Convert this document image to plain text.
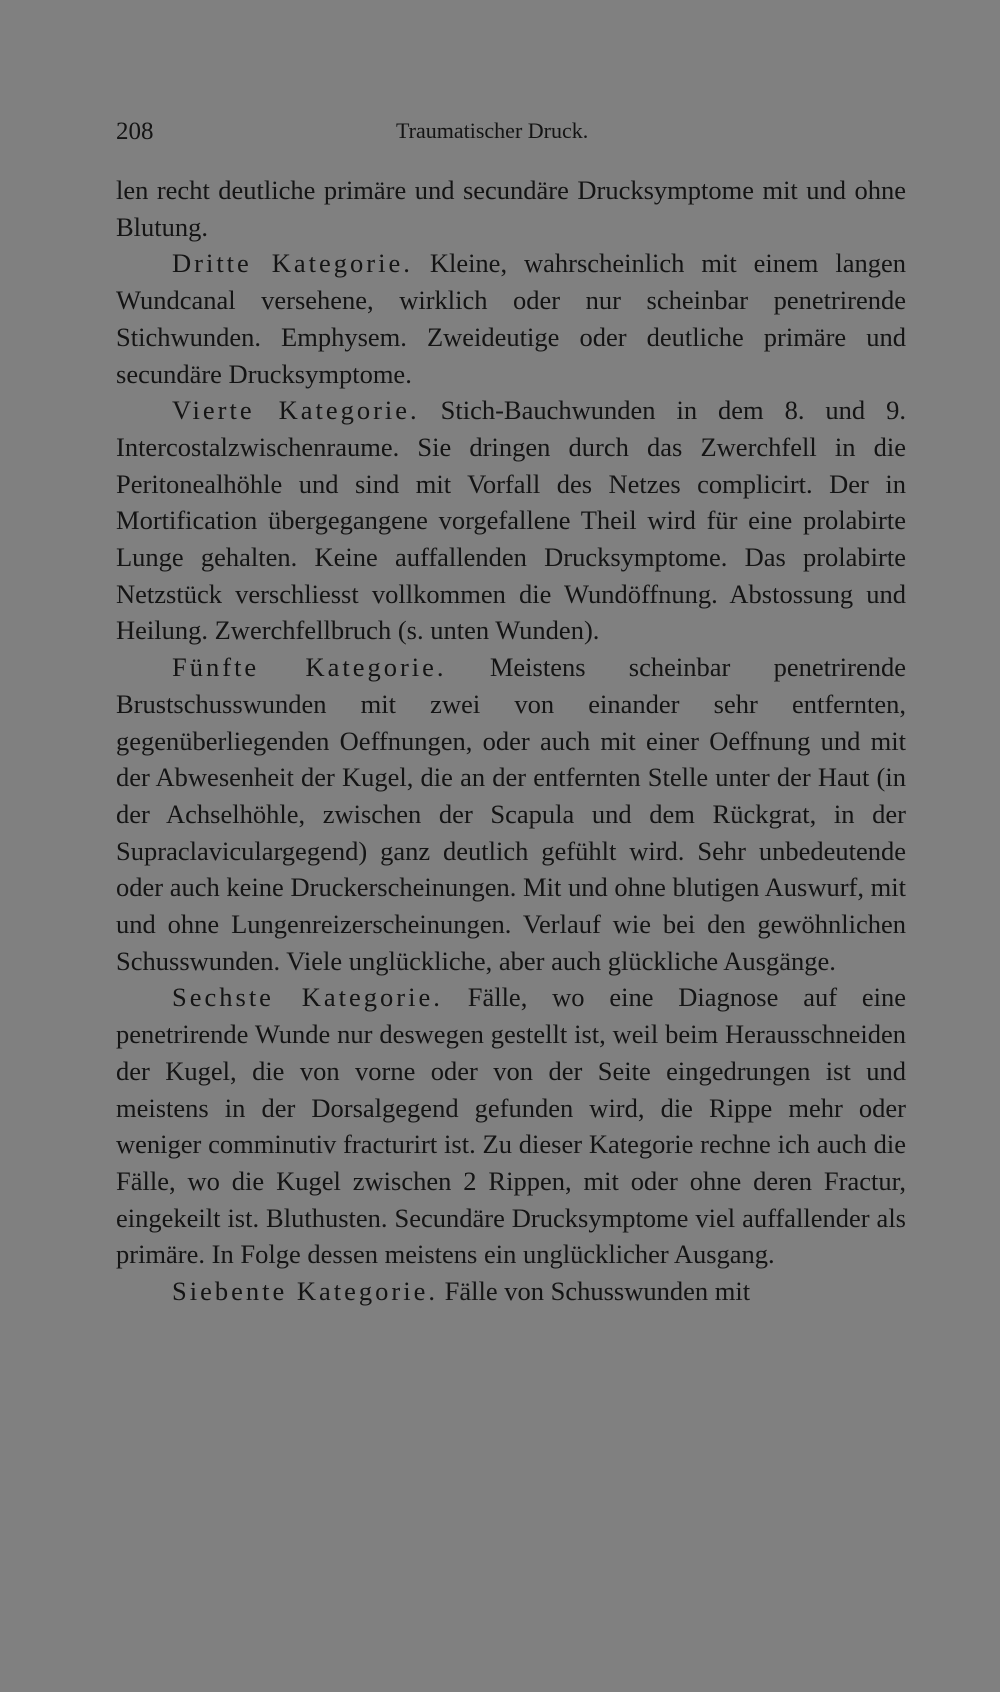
208	Traumatischer Druck.

len recht deutliche primäre und secundäre Drucksymptome mit und ohne Blutung.

Dritte Kategorie. Kleine, wahrscheinlich mit einem langen Wundcanal versehene, wirklich oder nur scheinbar penetrirende Stichwunden. Emphysem. Zweideutige oder deutliche primäre und secundäre Drucksymptome.

Vierte Kategorie. Stich-Bauchwunden in dem 8. und 9. Intercostalzwischenraume. Sie dringen durch das Zwerchfell in die Peritonealhöhle und sind mit Vorfall des Netzes complicirt. Der in Mortification übergegangene vorgefallene Theil wird für eine prolabirte Lunge gehalten. Keine auffallenden Drucksymptome. Das prolabirte Netzstück verschliesst vollkommen die Wundöffnung. Abstossung und Heilung. Zwerchfellbruch (s. unten Wunden).

Fünfte Kategorie. Meistens scheinbar penetrirende Brustschusswunden mit zwei von einander sehr entfernten, gegenüberliegenden Oeffnungen, oder auch mit einer Oeffnung und mit der Abwesenheit der Kugel, die an der entfernten Stelle unter der Haut (in der Achselhöhle, zwischen der Scapula und dem Rückgrat, in der Supraclaviculargegend) ganz deutlich gefühlt wird. Sehr unbedeutende oder auch keine Druckerscheinungen. Mit und ohne blutigen Auswurf, mit und ohne Lungenreizerscheinungen. Verlauf wie bei den gewöhnlichen Schusswunden. Viele unglückliche, aber auch glückliche Ausgänge.

Sechste Kategorie. Fälle, wo eine Diagnose auf eine penetrirende Wunde nur deswegen gestellt ist, weil beim Herausschneiden der Kugel, die von vorne oder von der Seite eingedrungen ist und meistens in der Dorsalgegend gefunden wird, die Rippe mehr oder weniger comminutiv fracturirt ist. Zu dieser Kategorie rechne ich auch die Fälle, wo die Kugel zwischen 2 Rippen, mit oder ohne deren Fractur, eingekeilt ist. Bluthusten. Secundäre Drucksymptome viel auffallender als primäre. In Folge dessen meistens ein unglücklicher Ausgang.

Siebente Kategorie. Fälle von Schusswunden mit
